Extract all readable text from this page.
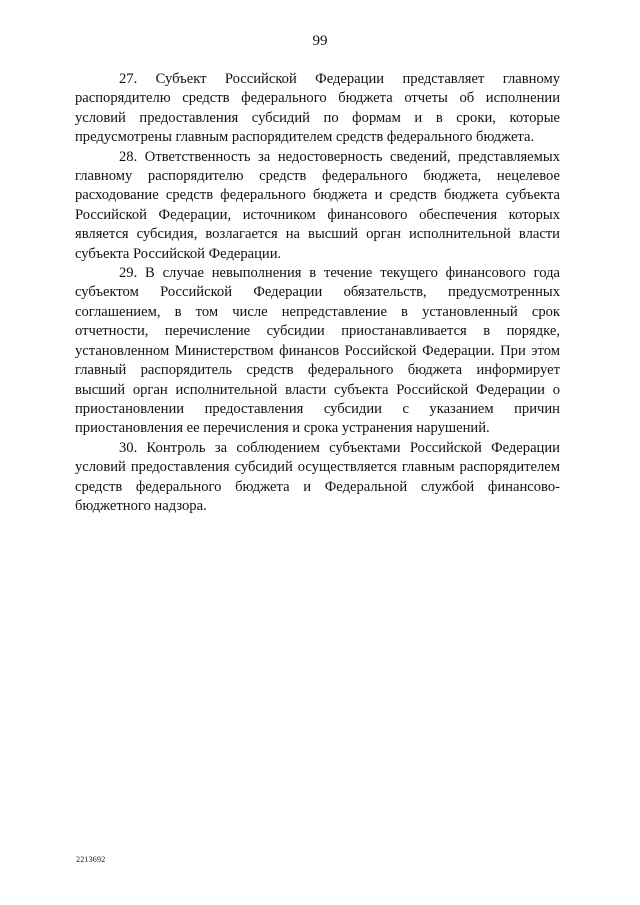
99

27. Субъект Российской Федерации представляет главному распорядителю средств федерального бюджета отчеты об исполнении условий предоставления субсидий по формам и в сроки, которые предусмотрены главным распорядителем средств федерального бюджета.

28. Ответственность за недостоверность сведений, представляемых главному распорядителю средств федерального бюджета, нецелевое расходование средств федерального бюджета и средств бюджета субъекта Российской Федерации, источником финансового обеспечения которых является субсидия, возлагается на высший орган исполнительной власти субъекта Российской Федерации.

29. В случае невыполнения в течение текущего финансового года субъектом Российской Федерации обязательств, предусмотренных соглашением, в том числе непредставление в установленный срок отчетности, перечисление субсидии приостанавливается в порядке, установленном Министерством финансов Российской Федерации. При этом главный распорядитель средств федерального бюджета информирует высший орган исполнительной власти субъекта Российской Федерации о приостановлении предоставления субсидии с указанием причин приостановления ее перечисления и срока устранения нарушений.

30. Контроль за соблюдением субъектами Российской Федерации условий предоставления субсидий осуществляется главным распорядителем средств федерального бюджета и Федеральной службой финансово-бюджетного надзора.

2213692
